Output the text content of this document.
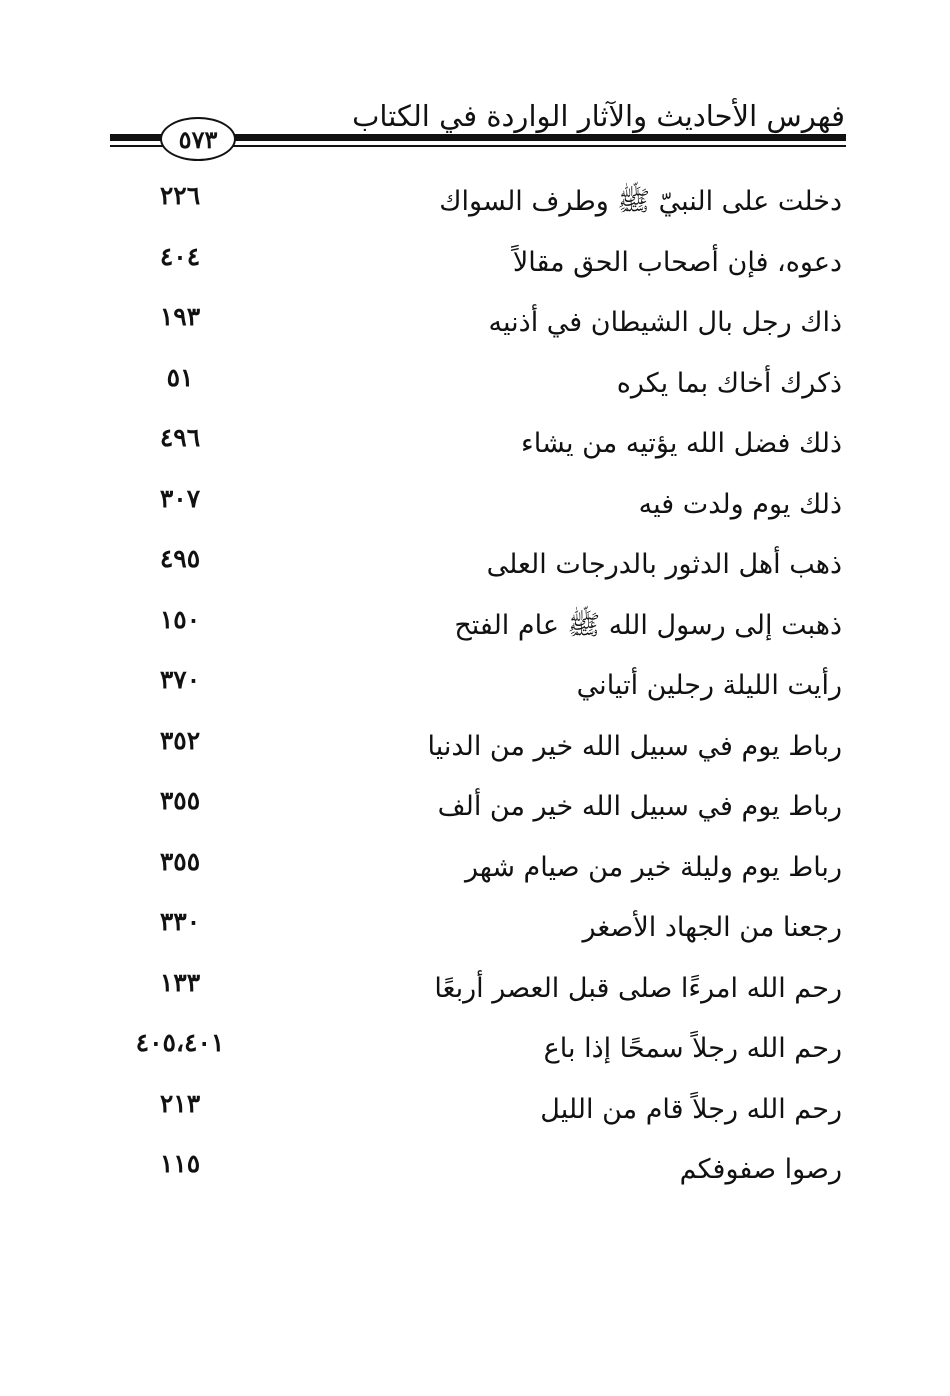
فهرس الأحاديث والآثار الواردة في الكتاب
٥٧٣
دخلت على النبيّ ﷺ وطرف السواك
٢٢٦
دعوه، فإن أصحاب الحق مقالاً
٤٠٤
ذاك رجل بال الشيطان في أذنيه
١٩٣
ذكرك أخاك بما يكره
٥١
ذلك فضل الله يؤتيه من يشاء
٤٩٦
ذلك يوم ولدت فيه
٣٠٧
ذهب أهل الدثور بالدرجات العلى
٤٩٥
ذهبت إلى رسول الله ﷺ عام الفتح
١٥٠
رأيت الليلة رجلين أتياني
٣٧٠
رباط يوم في سبيل الله خير من الدنيا
٣٥٢
رباط يوم في سبيل الله خير من ألف
٣٥٥
رباط يوم وليلة خير من صيام شهر
٣٥٥
رجعنا من الجهاد الأصغر
٣٣٠
رحم الله امرءًا صلى قبل العصر أربعًا
١٣٣
رحم الله رجلاً سمحًا إذا باع
٤٠٥،٤٠١
رحم الله رجلاً قام من الليل
٢١٣
رصوا صفوفكم
١١٥
